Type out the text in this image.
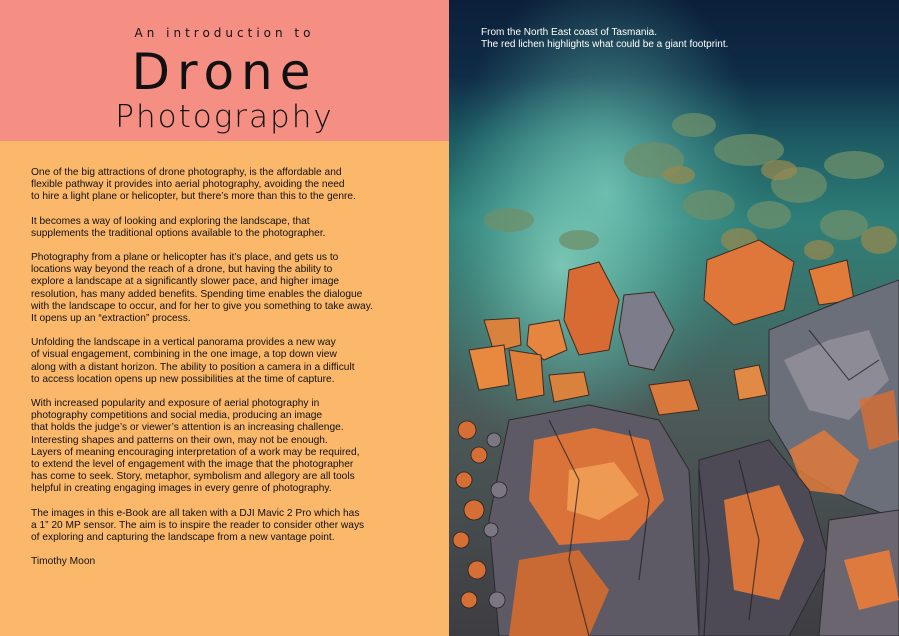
An introduction to
Drone
Photography

One of the big attractions of drone photography, is the affordable and
flexible pathway it provides into aerial photography, avoiding the need
to hire a light plane or helicopter, but there’s more than this to the genre.

It becomes a way of looking and exploring the landscape, that
supplements the traditional options available to the photographer.

Photography from a plane or helicopter has it’s place, and gets us to
locations way beyond the reach of a drone, but having the ability to
explore a landscape at a significantly slower pace, and higher image
resolution, has many added benefits. Spending time enables the dialogue
with the landscape to occur, and for her to give you something to take away.
It opens up an “extraction” process.

Unfolding the landscape in a vertical panorama provides a new way
of visual engagement, combining in the one image, a top down view
along with a distant horizon. The ability to position a camera in a difficult
to access location opens up new possibilities at the time of capture.

With increased popularity and exposure of aerial photography in
photography competitions and social media, producing an image
that holds the judge’s or viewer’s attention is an increasing challenge.
Interesting shapes and patterns on their own, may not be enough.
Layers of meaning encouraging interpretation of a work may be required,
to extend the level of engagement with the image that the photographer
has come to seek. Story, metaphor, symbolism and allegory are all tools
helpful in creating engaging images in every genre of photography.

The images in this e-Book are all taken with a DJI Mavic 2 Pro which has
a 1” 20 MP sensor. The aim is to inspire the reader to consider other ways
of exploring and capturing the landscape from a new vantage point.

Timothy Moon

From the North East coast of Tasmania.
The red lichen highlights what could be a giant footprint.
